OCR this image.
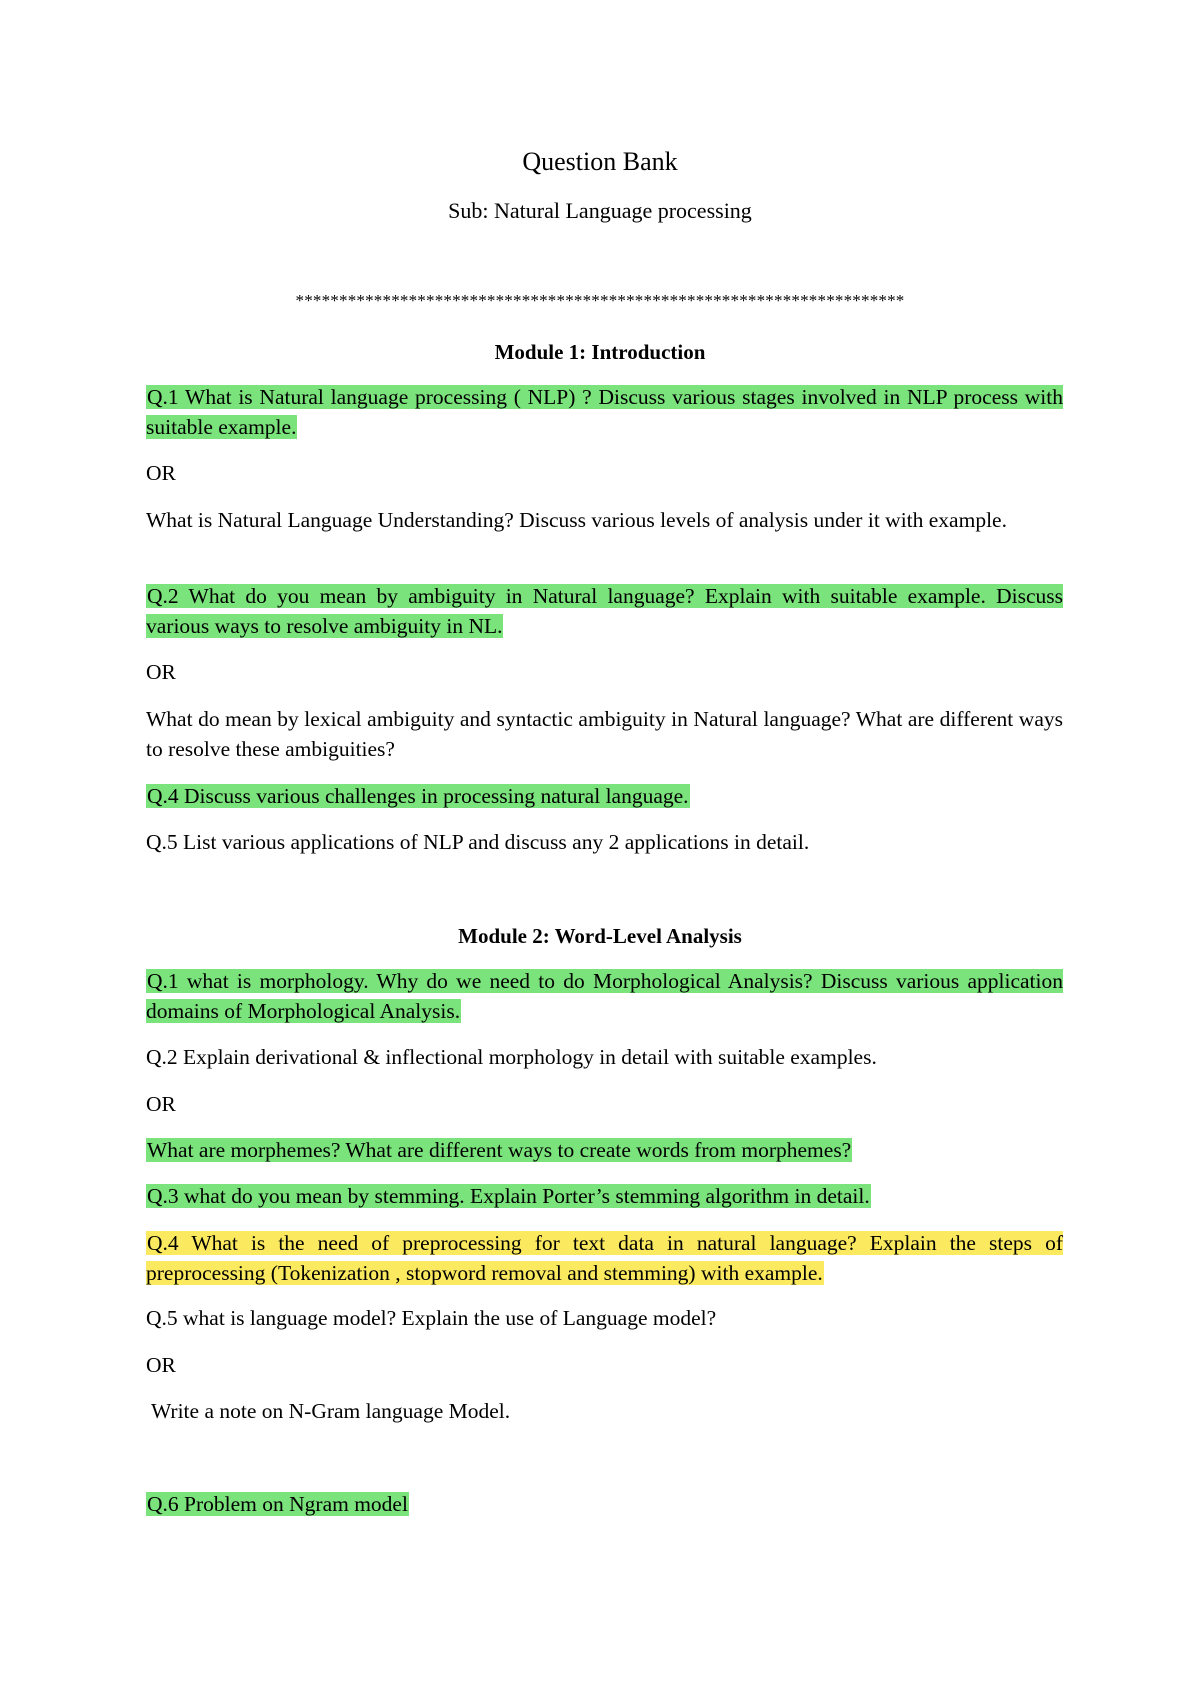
Question Bank
Sub: Natural Language processing
**********************************************************************
Module 1: Introduction
Q.1 What is Natural language processing ( NLP) ? Discuss various stages involved in NLP process with suitable example.
OR
What is Natural Language Understanding? Discuss various levels of analysis under it with example.
Q.2 What do you mean by ambiguity in Natural language? Explain with suitable example. Discuss various ways to resolve ambiguity in NL.
OR
What do mean by lexical ambiguity and syntactic ambiguity in Natural language? What are different ways to resolve these ambiguities?
Q.4 Discuss various challenges in processing natural language.
Q.5 List various applications of NLP and discuss any 2 applications in detail.
Module 2: Word-Level Analysis
Q.1 what is morphology. Why do we need to do Morphological Analysis? Discuss various application domains of Morphological Analysis.
Q.2 Explain derivational & inflectional morphology in detail with suitable examples.
OR
What are morphemes? What are different ways to create words from morphemes?
Q.3 what do you mean by stemming. Explain Porter’s stemming algorithm in detail.
Q.4 What is the need of preprocessing for text data in natural language? Explain the steps of preprocessing (Tokenization , stopword removal and stemming) with example.
Q.5 what is language model? Explain the use of Language model?
OR
Write a note on N-Gram language Model.
Q.6 Problem on Ngram model
